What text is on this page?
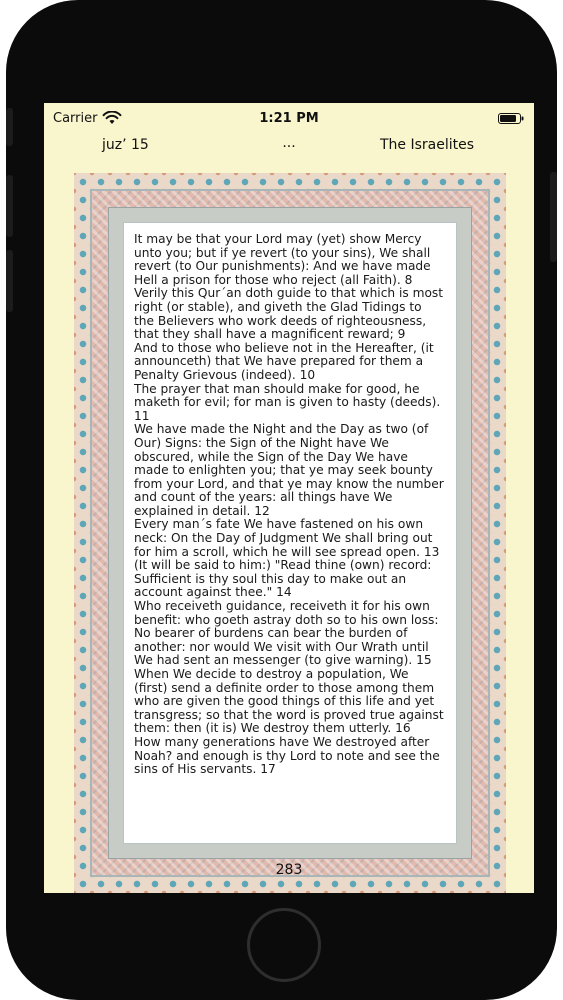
Carrier	1:21 PM
juz’ 15	...	The Israelites
It may be that your Lord may (yet) show Mercy
unto you; but if ye revert (to your sins), We shall
revert (to Our punishments): And we have made
Hell a prison for those who reject (all Faith). 8
Verily this Qur´an doth guide to that which is most
right (or stable), and giveth the Glad Tidings to
the Believers who work deeds of righteousness,
that they shall have a magnificent reward; 9
And to those who believe not in the Hereafter, (it
announceth) that We have prepared for them a
Penalty Grievous (indeed). 10
The prayer that man should make for good, he
maketh for evil; for man is given to hasty (deeds).
11
We have made the Night and the Day as two (of
Our) Signs: the Sign of the Night have We
obscured, while the Sign of the Day We have
made to enlighten you; that ye may seek bounty
from your Lord, and that ye may know the number
and count of the years: all things have We
explained in detail. 12
Every man´s fate We have fastened on his own
neck: On the Day of Judgment We shall bring out
for him a scroll, which he will see spread open. 13
(It will be said to him:) "Read thine (own) record:
Sufficient is thy soul this day to make out an
account against thee." 14
Who receiveth guidance, receiveth it for his own
benefit: who goeth astray doth so to his own loss:
No bearer of burdens can bear the burden of
another: nor would We visit with Our Wrath until
We had sent an messenger (to give warning). 15
When We decide to destroy a population, We
(first) send a definite order to those among them
who are given the good things of this life and yet
transgress; so that the word is proved true against
them: then (it is) We destroy them utterly. 16
How many generations have We destroyed after
Noah? and enough is thy Lord to note and see the
sins of His servants. 17
283
